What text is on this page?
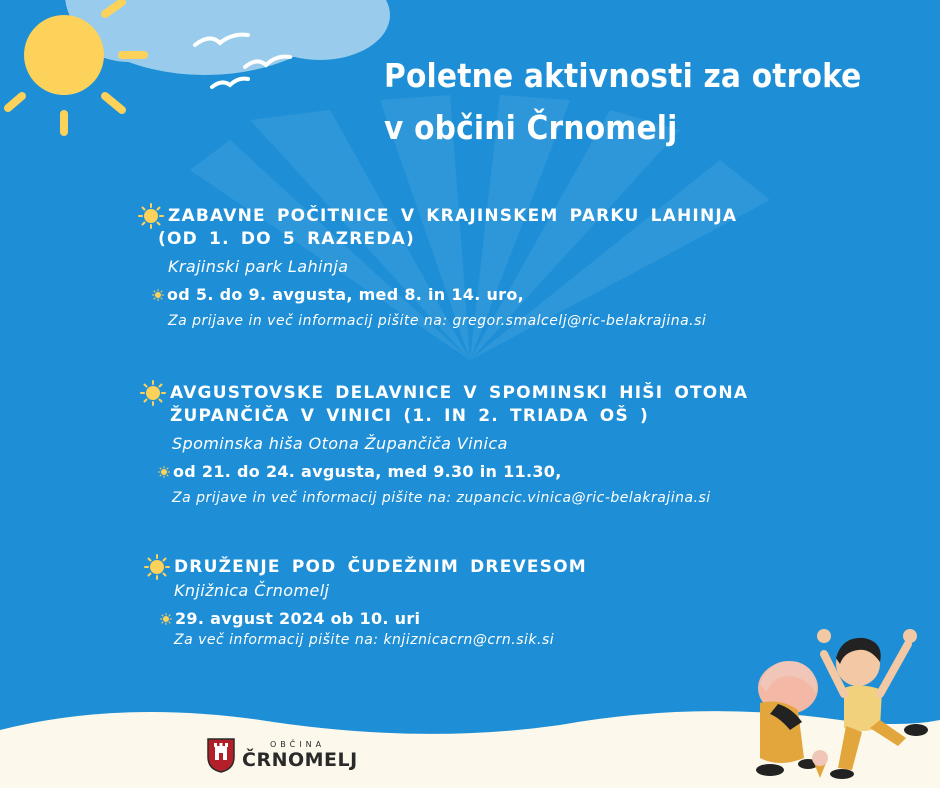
Poletne aktivnosti za otroke
v občini Črnomelj
ZABAVNE POČITNICE V KRAJINSKEM PARKU LAHINJA
(OD 1. DO 5 RAZREDA)
Krajinski park Lahinja
od 5. do 9. avgusta, med 8. in 14. uro,
Za prijave in več informacij pišite na: gregor.smalcelj@ric-belakrajina.si
AVGUSTOVSKE DELAVNICE V SPOMINSKI HIŠI OTONA
ŽUPANČIČA V VINICI (1. IN 2. TRIADA OŠ )
Spominska hiša Otona Župančiča Vinica
od 21. do 24. avgusta, med 9.30 in 11.30,
Za prijave in več informacij pišite na: zupancic.vinica@ric-belakrajina.si
DRUŽENJE POD ČUDEŽNIM DREVESOM
Knjižnica Črnomelj
29. avgust 2024 ob 10. uri
Za več informacij pišite na: knjiznicacrn@crn.sik.si
OBČINA
ČRNOMELJ
